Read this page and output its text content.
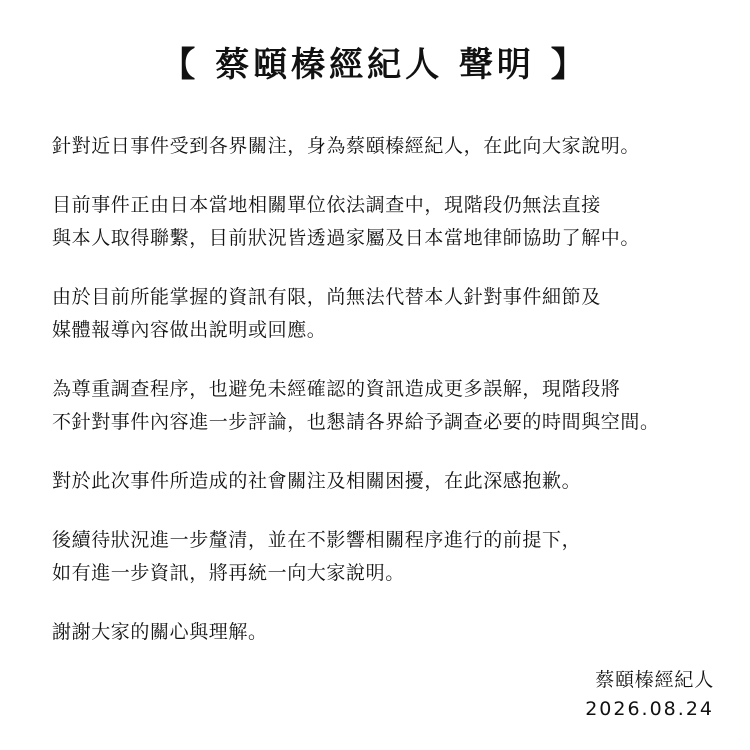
【 蔡頤榛經紀人 聲明 】

針對近日事件受到各界關注，身為蔡頤榛經紀人，在此向大家說明。

目前事件正由日本當地相關單位依法調查中，現階段仍無法直接
與本人取得聯繫，目前狀況皆透過家屬及日本當地律師協助了解中。

由於目前所能掌握的資訊有限，尚無法代替本人針對事件細節及
媒體報導內容做出說明或回應。

為尊重調查程序，也避免未經確認的資訊造成更多誤解，現階段將
不針對事件內容進一步評論，也懇請各界給予調查必要的時間與空間。

對於此次事件所造成的社會關注及相關困擾，在此深感抱歉。

後續待狀況進一步釐清，並在不影響相關程序進行的前提下，
如有進一步資訊，將再統一向大家說明。

謝謝大家的關心與理解。

蔡頤榛經紀人
2026.08.24
